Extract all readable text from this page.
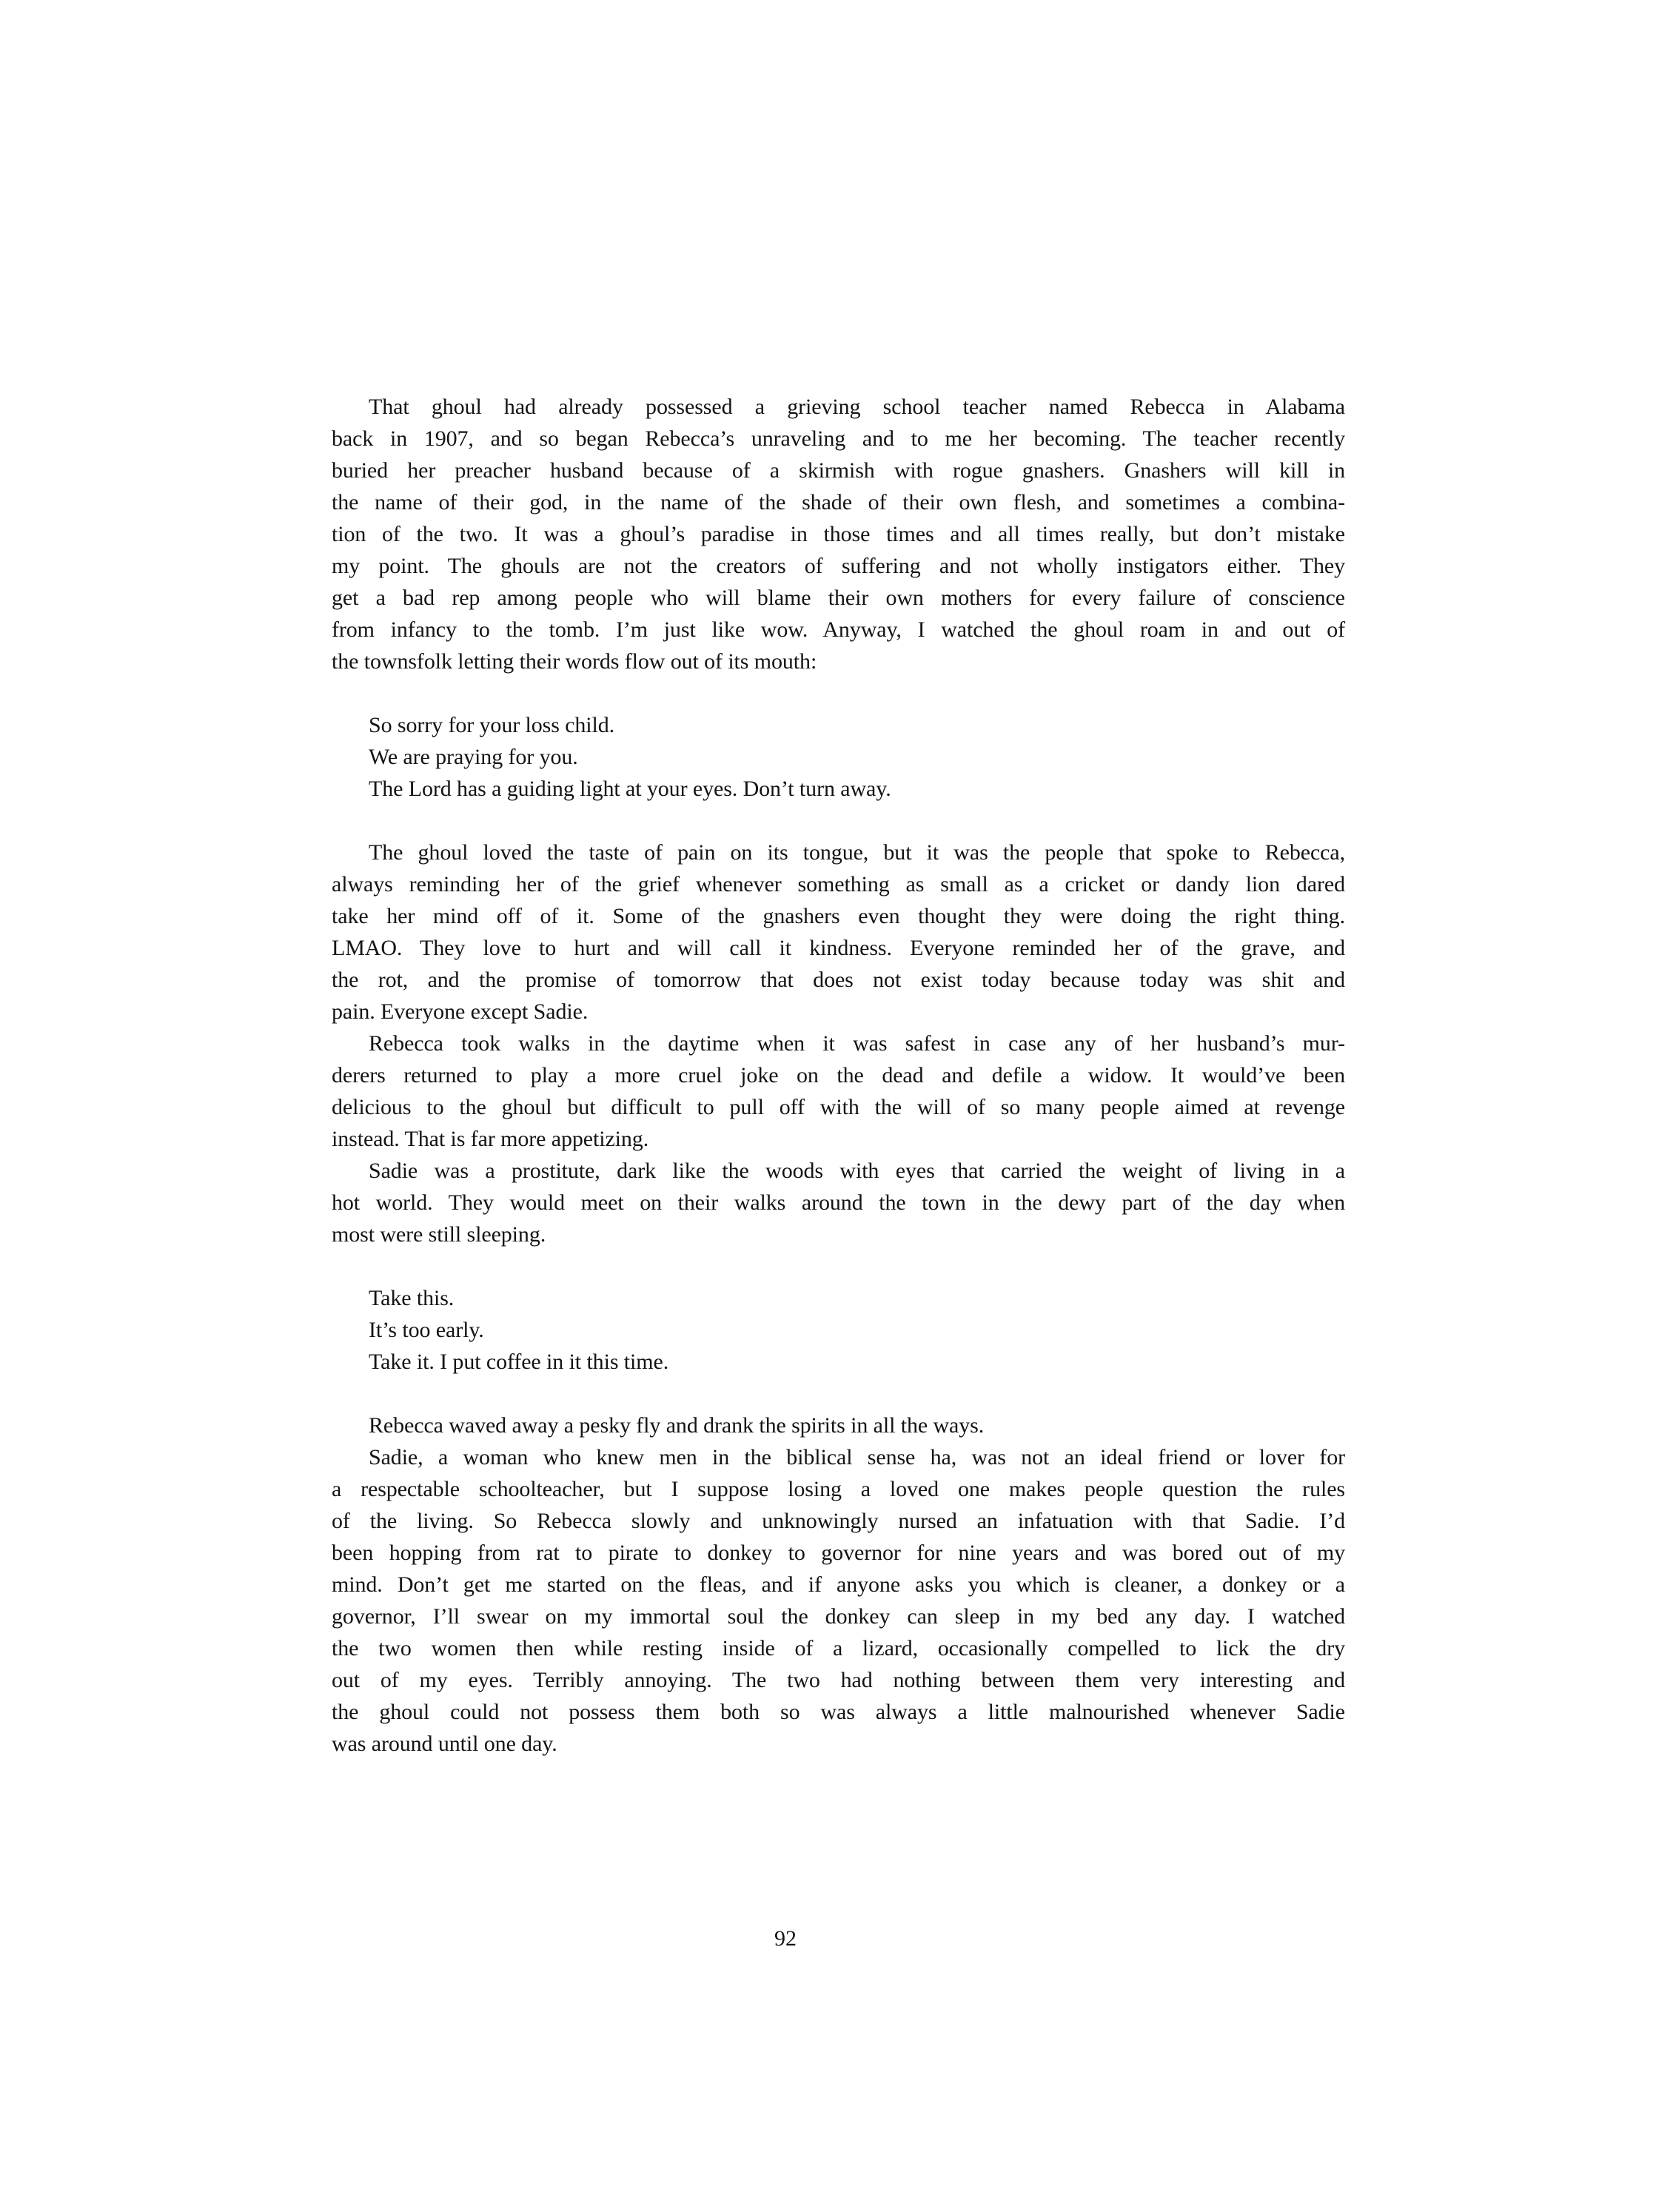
That ghoul had already possessed a grieving school teacher named Rebecca in Alabama
back in 1907, and so began Rebecca’s unraveling and to me her becoming. The teacher recently
buried her preacher husband because of a skirmish with rogue gnashers. Gnashers will kill in
the name of their god, in the name of the shade of their own flesh, and sometimes a combina-
tion of the two. It was a ghoul’s paradise in those times and all times really, but don’t mistake
my point. The ghouls are not the creators of suffering and not wholly instigators either. They
get a bad rep among people who will blame their own mothers for every failure of conscience
from infancy to the tomb. I’m just like wow. Anyway, I watched the ghoul roam in and out of
the townsfolk letting their words flow out of its mouth:
So sorry for your loss child.
We are praying for you.
The Lord has a guiding light at your eyes. Don’t turn away.
The ghoul loved the taste of pain on its tongue, but it was the people that spoke to Rebecca,
always reminding her of the grief whenever something as small as a cricket or dandy lion dared
take her mind off of it. Some of the gnashers even thought they were doing the right thing.
LMAO. They love to hurt and will call it kindness. Everyone reminded her of the grave, and
the rot, and the promise of tomorrow that does not exist today because today was shit and
pain. Everyone except Sadie.
Rebecca took walks in the daytime when it was safest in case any of her husband’s mur-
derers returned to play a more cruel joke on the dead and defile a widow. It would’ve been
delicious to the ghoul but difficult to pull off with the will of so many people aimed at revenge
instead. That is far more appetizing.
Sadie was a prostitute, dark like the woods with eyes that carried the weight of living in a
hot world. They would meet on their walks around the town in the dewy part of the day when
most were still sleeping.
Take this.
It’s too early.
Take it. I put coffee in it this time.
Rebecca waved away a pesky fly and drank the spirits in all the ways.
Sadie, a woman who knew men in the biblical sense ha, was not an ideal friend or lover for
a respectable schoolteacher, but I suppose losing a loved one makes people question the rules
of the living. So Rebecca slowly and unknowingly nursed an infatuation with that Sadie. I’d
been hopping from rat to pirate to donkey to governor for nine years and was bored out of my
mind. Don’t get me started on the fleas, and if anyone asks you which is cleaner, a donkey or a
governor, I’ll swear on my immortal soul the donkey can sleep in my bed any day. I watched
the two women then while resting inside of a lizard, occasionally compelled to lick the dry
out of my eyes. Terribly annoying. The two had nothing between them very interesting and
the ghoul could not possess them both so was always a little malnourished whenever Sadie
was around until one day.
92
